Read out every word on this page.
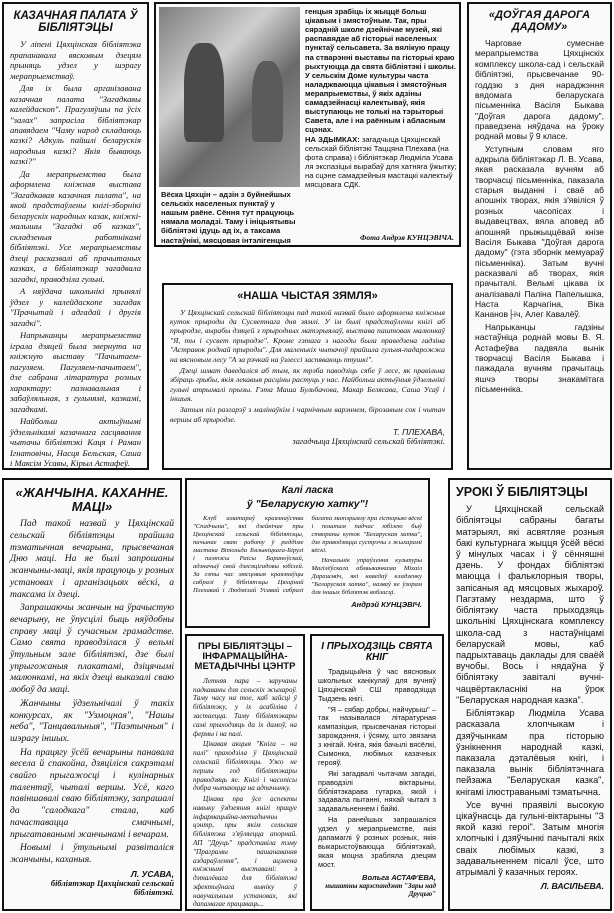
КАЗАЧНАЯ ПАЛАТА Ў БІБЛІЯТЭЦЫ

У лiпенi Цяхцiнская бiблiятэка прапанавала вясковым дзецям прыняць удзел у шэрагу мерапрыемстваў.

Для iх была арганiзавана казачная палата "Загадкавы калейдаскоп". Прагуляўшы па ўсiх "залах" запрасiла бiблiятэкар апавядаем "Чаму народ складаюць казкi? Адкуль пайшлi беларускiя народныя казкi? Якiя бываюць казкi?"

Да мерапрыемства была аформлена кнiжная выстава "Загадкавая казачная палата", на якой прадстаўлены кнiгi-зборнiкi беларускiх народных казак, кнiжкi-малышы "Загадкi аб казках", складзеныя работнiкамi бiблiятэкi. Усе мерапрыемствы дзецi расказвалi аб прачытаных казках, а бiблiятэкар загадвала загадкi, праводзiла гульнi.

А няўдача школьнiкi прынялi ўдзел у калейдаскопе загадак "Прачытай i адгадай i другiя загадкi".

Напрыканцы мерапрыемства iграла дзяцей была звернута на кнiжную выставу "Пачытаем-пагуляем. Пагуляем-пачытаем", дзе сабрана лiтаратура розных характару: пазнавальная i забаўляльная, з гульнямi, казкамi, загадкамi.

Найбольш актыўнымi ўдзельнiкамi казачнага гасцявання чытачы бiблiятэкi Каця i Раман Iгнатовiчы, Насця Бельская, Саша i Максiм Усавы, Кiрыл Астафеў.

Вёска Цяхцiн – адзiн з буйнейшых сельскiх населеных пунктаў у нашым раёне. Сёння тут працуюць нямала моладзi. Таму i iнiцыятывы бiблiятэкi iдуць ад iх, а таксама настаўнiкi, мясцовая iнтэлiгенцыя

генцыя зрабiць iх жыццё больш цiкавым i змястоўным. Так, пры сярэднiй школе дзейнiчае музей, якi распавядае аб гiсторыi населеных пунктаў сельсавета. За вялiкую працу па стварэннi выставы па гiсторыi краю рыхтуюцца да свята бiблiятэкi i школы.

У сельскiм Доме культуры часта наладжваюцца цiкавыя i змястоўныя мерапрыемствы, ў якiх адзiны самадзейнасцi калектываў, якiя выступаюць не толькi на тэрыторыi Савета, але i на раённым i абласным сцэнах.

НА ЗДЫМКАХ: загадчыца Цяхцiнскай сельскай бiблiятэкi Таццяна Плехава (на фота справа) i бiблiятэкар Людмiла Усава ля экспазiцыi вырабаў для хатняга ўжытку; на сцэне самадзейныя мастацкi калектыў мясцовага СДК.

Фота Андрэя КУНЦЭВIЧА.
«ДОЎГАЯ ДАРОГА ДАДОМУ»

Чарговае сумеснае мерапрыемства Цяхцiнскiх комплексу школа-сад i сельскай бiблiятэкi, прысвечанае 90-годдзю з дня нараджэння вядомага беларускага пiсьменнiка Васiля Быкава "Доўгая дарога дадому", праведзена няўдача на ўроку роднай мовы ў 9 класе.

Уступным словам яго адкрыла бiблiятэкар Л. В. Усава, якая расказала вучням аб творчасцi пiсьменнiка, паказала старыя выданнi i сваё аб апошнiх творах, якiя з'явiлiся ў розных часопiсах i выдавецтвах, вяла аповед аб апошняй прыжыццёвай кнiзе Васiля Быкава "Доўгая дарога дадому" (гэта зборнiк мемуараў пiсьменнiка). Затым вучнi расказвалi аб творах, якiя прачыталi. Вельмi цiкава iх аналiзавалi Палiна Папелышка, Наста Карчагiна, Вiка Кананов├iч, Алег Кавалёў.

Напрыканцы гадзiны настаўнiца роднай мовы В. Я. Астафеўва падвяла вынiк творчасцi Васiля Быкава i пажадала вучням прачытаць яшчэ творы знакамiтага пiсьменнiка.

«НАША ЧЫСТАЯ ЗЯМЛЯ»

У Цяхцiнскай сельскай бiблiятэцы пад такой назвай было аформлена кнiжныя куток прыроды да Сусветнага дня зямлi. У iм былi прадстаўлены кнiгi аб прыродзе, вырабы дзяцей з прыродных матэрыялаў, выстава паштовак малюнкаў "Я, ты i сусвет прыродзе". Кроме гэтага з нагоды была праведзена гадзiна "Астравок роднай прыроды". Для маленькiх чытачоў прайшла гульня-падарожжа на вясновым лесу "А за рэчкай на ўзлессi заспяваюць птушкi".

Дзецi шмат даведалiся аб тым, як трэба паводзiць сябе ў лесе, як правiльна збiраць грыбы, якiя лекавыя расцiны растуць у нас. Найбольш актыўныя ўдзельнiкi гульнi атрымалi прызы. Гэта Маша Бульбачова, Макар Белясава, Саша Усаў i iншыя.

Затым пiл разгарэў з малiнаўкiм i чарнiчным варэннем, бiрозавым сок i чытач вершы аб прыродзе.

Т. ПЛЕХАВА,
загадчыца Цяхцiнскай сельскай бiблiятэкi.
«ЖАНЧЫНА. КАХАННЕ. МАЦI»

Пад такой назвай у Цяхцiнскай сельскай бiблiятэцы прайшла тэматычная вечарына, прысвечаная Дню мацi. На яе былi запрошаны жанчыны-мацi, якiя працуюць у розных установах i арганiзацыях вёскi, а таксама iх дзецi.

Запрашаючы жанчын на ўрачыстую вечарыну, не ўпусцiлi быць няўдобны справу мацi ў сучасным грамадстве. Само свята праводзiлася ў вельмi ўтульным зале бiблiятэкi, дзе былi упрыгожаныя плакатамi, дзiцячымi малюнкамi, на якiх дзецi выказалi сваю любоў да мацi.

Жанчыны ўдзельнiчалi ў такiх конкурсах, як "Узмоцная", "Нашы неба", "Танцавальныя", "Паэтычныя" i шэрагу iншых.

На працягу ўсёй вечарыны панавала весела й спакойна, дзяцiлiся сакрэтамi свайго прыгажосцi i кулiнарных талентаў, чыталi вершы. Усё, каго павiншавалi сваю бiблiятэку, запрашалi да "салодкага" стала, каб пачаставацца смачнымi, прыгатаванымi жанчынамi i вечарам.

Новымi i ўтульнымi развiталiся жанчыны, каханыя.

Л. УСАВА,
бiблiятэкар Цяхцiнскай сельскай бiблiятэкi.
Калi ласка
ў "Беларускую хатку"!

Клуб аматараў краязнаўства "Спадчына", якi дзейнiчае пры Цяхцiнскай сельскай бiблiятэцы, пачынае сваю работу ў раддiме мастака Вiтольда Бялынiцкага-Бiрулi i паэтэсы Раiсы Бараноўскай, адзначыў свой дзесяцiгадовы юбiлей. За гэты час мясцовыя краязнаўцы сабралi ў бiблiятэцы Цяхцiнай Плехавай i Людмiлай Усавай сабралi багата матэрыялу пра гiсторыю вёскi i поштам падчас юбiлею быў створаны куток "Беларуская хатка", дзе праводзяцца сустрэчы з жыхарамi вёскi.

Начальнiк упраўлення культуры Магiлёўскага аблвыканкама Мiхаiл Дарашэвiч, якi наведаў кладзенку "Беларуская хатка", назваў яе ўзорам для iншых бiблiятэк вобласцi.

Андрэй КУНЦЭВIЧ.
ПРЫ БIБЛIЯТЭЦЫ – IНФАРМАЦЫЙНА-МЕТАДЫЧНЫ ЦЭНТР

Летняя пара – заручаны падкаваны для сельскiх жыхароў. Таму часу на тое, каб зайсцi ў бiблiятэку, у iх асабiлiва i застаецца. Таму бiблiятэкары самi прыходзяць да iх дамоў, на фермы i на палi.

Цiкавая акцыя "Кнiга – на палi" праходзiла ў Цяхцiнскай сельскай бiблiятэцы. Ужо не першы год бiблiятэкары праводзяць яе. Кнiгi i часопiсы добра чытаюцца на адпачынку.

Цiкава пра ўсе аспекты навыку ўздзеяння кнiгi працуе iнфармацыйна-метадычны цэнтр, пры якiм сельская бiблiятэка з'яўляецца апорнай. АП "Друць" прадставiла тэму "Праграмы пашанавання аздараўлення", i ацэнена кнiжнымi выставамi: з дэталёвага для бiблiятэкi эфектыўнага вынiку ў навучальным установах, якi дапамагае працаваць...

I ПРЫХОДЗIЦЬ СВЯТА КНIГ

Традыцыйна ў час вясновых школьных канiкулаў для вучняў Цяхцiнскай СШ праводзiцца Тыдзень кнiгi.

"Я – сябар добры, найчурыш" – так называлася лiтаратурная кампазiцыя, прысвечаная гiсторыi зарождэння, i ўсяму, што звязана з кнiгай. Кнiга, якiя бачылi вясёлкi, Сымонка, любiмых казачных герояў.

Якi загадвалi чытачам загадкi, праводзiлi вiктарыны, бiблiятэкарава гутарка, якой i задавала пытаннi, няхай чыталi з задавальненнем i байкi.

На ранейшых запрашалiся удзел у мерапрыемстве, якiя дапамаглi ў розных розных, якiя выкарыстоўваюцца бiблiятэкай, якая моцна зрабляла дзецям мост.

Вольга АСТАФ'ЕВА,
нышатны карэспандэнт "Зары над Друцью"
УРОКI Ў БIБЛIЯТЭЦЫ

У Цяхцiнскай сельскай бiблiятэцы сабраны багаты матэрыял, якi асвятляе розныя бакi культурнага жыцця ўсёй вёскi ў мiнулых часах i ў сённяшнi дзень. У фондах бiблiятэкi маюцца i фальклорныя творы, запiсаныя ад мясцовых жыхароў. Пагэтаму нездарма, што ў бiблiятэку часта прыходзяць школьнiкi Цяхцiнскага комплексу школа-сад з настаўнiцамi беларускай мовы, каб падрыхтаваць даклады для сваёй вучобы. Вось i нядаўна ў бiблiятэку завiталi вучнi-чацвёртакласнiкi на ўрок "Беларуская народная казка".

Бiблiятэкар Людмiла Усава расказала хлопчыкам i дзяўчынкам пра гiсторыю ўзнiкнення народнай казкi, паказала дэталёвыя кнiгi, i паказала вынiк бiблiятэчнага пейзажа "Беларуская казка", кнiгамi iлюстраванымi тэматычна.

Усе вучнi праявiлi высокую цiкаўнасць да гульнi-вiктарыны "З якой казкi героi". Затым многiя хлопчыкi i дзяўчынкi пачыталi якiх сваiх любiмых казкi, з задавальненнем пiсалi ўсе, што атрымалi ў казачных героях.

Л. ВАСIЛЬЕВА.
